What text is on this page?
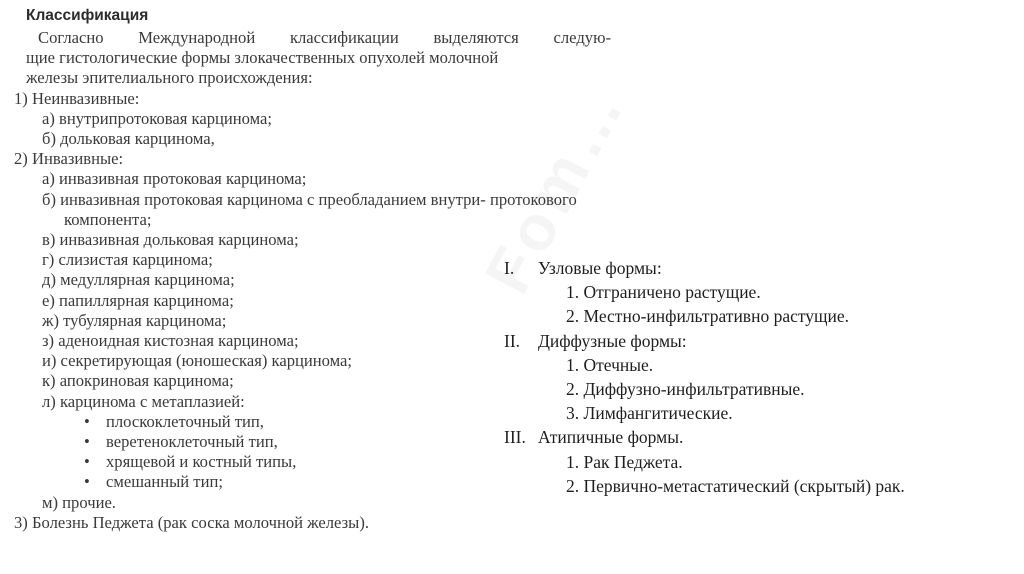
Классификация
Согласно Международной классификации выделяются следую-
щие гистологические формы злокачественных опухолей молочной
железы эпителиального происхождения:
1) Неинвазивные:
а) внутрипротоковая карцинома;
б) дольковая карцинома,
2) Инвазивные:
а) инвазивная протоковая карцинома;
б) инвазивная протоковая карцинома с преобладанием внутри- протокового компонента;
в) инвазивная дольковая карцинома;
г) слизистая карцинома;
д) медуллярная карцинома;
е) папиллярная карцинома;
ж) тубулярная карцинома;
з) аденоидная кистозная карцинома;
и) секретирующая (юношеская) карцинома;
к) апокриновая карцинома;
л) карцинома с метаплазией:
• плоскоклеточный тип,
• веретеноклеточный тип,
• хрящевой и костный типы,
• смешанный тип;
м) прочие.
3) Болезнь Педжета (рак соска молочной железы).
I. Узловые формы:
1. Отграничено растущие.
2. Местно-инфильтративно растущие.
II. Диффузные формы:
1. Отечные.
2. Диффузно-инфильтративные.
3. Лимфангитические.
III. Атипичные формы.
1. Рак Педжета.
2. Первично-метастатический (скрытый) рак.
